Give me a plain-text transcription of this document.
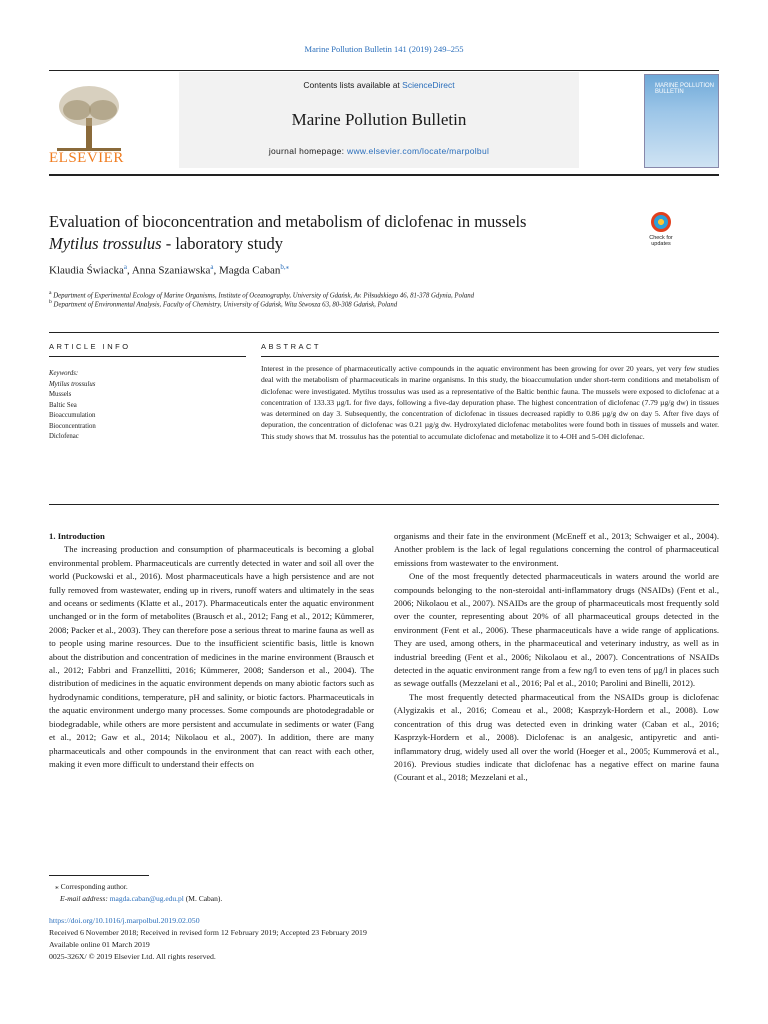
Marine Pollution Bulletin 141 (2019) 249–255
ELSEVIER
Contents lists available at ScienceDirect
Marine Pollution Bulletin
journal homepage: www.elsevier.com/locate/marpolbul
MARINE POLLUTION BULLETIN
Evaluation of bioconcentration and metabolism of diclofenac in mussels
Mytilus trossulus - laboratory study	Check for updates
Klaudia Świacka$^a$, Anna Szaniawska$^a$, Magda Caban$^{b,⁎}$
$^a$ Department of Experimental Ecology of Marine Organisms, Institute of Oceanography, University of Gdańsk, Av. Piłsudskiego 46, 81-378 Gdynia, Poland
$^b$ Department of Environmental Analysis, Faculty of Chemistry, University of Gdańsk, Wita Stwosza 63, 80-308 Gdańsk, Poland
ARTICLE INFO	ABSTRACT
Keywords:
Mytilus trossulus
Mussels
Baltic Sea
Bioaccumulation
Bioconcentration
Diclofenac
Interest in the presence of pharmaceutically active compounds in the aquatic environment has been growing for over 20 years, yet very few studies deal with the metabolism of pharmaceuticals in marine organisms. In this study, the bioaccumulation under short-term conditions and metabolism of diclofenac were investigated. Mytilus trossulus was used as a representative of the Baltic benthic fauna. The mussels were exposed to diclofenac at a concentration of 133.33 µg/L for five days, following a five-day depuration phase. The highest concentration of diclofenac (7.79 µg/g dw) in tissues was determined on day 3. Subsequently, the concentration of diclofenac in tissues decreased rapidly to 0.86 µg/g dw on day 5. After five days of depuration, the concentration of diclofenac was 0.21 µg/g dw. Hydroxylated diclofenac metabolites were found both in tissues of mussels and water. This study shows that M. trossulus has the potential to accumulate diclofenac and metabolize it to 4-OH and 5-OH diclofenac.

1. Introduction

The increasing production and consumption of pharmaceuticals is becoming a global environmental problem. Pharmaceuticals are currently detected in water and soil all over the world (Puckowski et al., 2016). Most pharmaceuticals have a high persistence and are not fully removed from wastewater, ending up in rivers, runoff waters and ultimately in the seas and oceans or sediments (Klatte et al., 2017). Pharmaceuticals enter the aquatic environment unchanged or in the form of metabolites (Brausch et al., 2012; Fang et al., 2012; Kümmerer, 2008; Packer et al., 2003). They can therefore pose a serious threat to marine fauna as well as to people using marine resources. Due to the insufficient scientific basis, little is known about the distribution and concentration of medicines in the marine environment (Brausch et al., 2012; Fabbri and Franzellitti, 2016; Kümmerer, 2008; Sanderson et al., 2004). The distribution of medicines in the aquatic environment depends on many abiotic factors such as hydrodynamic conditions, temperature, pH and salinity, or biotic factors. Pharmaceuticals in the aquatic environment undergo many processes. Some compounds are photodegradable or biodegradable, while others are more persistent and accumulate in sediments or water (Fang et al., 2012; Gaw et al., 2014; Nikolaou et al., 2007). In addition, there are many pharmaceuticals and other compounds in the environment that can react with each other, making it even more difficult to understand their effects on

organisms and their fate in the environment (McEneff et al., 2013; Schwaiger et al., 2004). Another problem is the lack of legal regulations concerning the control of pharmaceutical emissions from wastewater to the environment.

One of the most frequently detected pharmaceuticals in waters around the world are compounds belonging to the non-steroidal anti-inflammatory drugs (NSAIDs) (Fent et al., 2006; Nikolaou et al., 2007). NSAIDs are the group of pharmaceuticals most frequently sold over the counter, representing about 20% of all pharmaceutical groups detected in the environment (Fent et al., 2006). These pharmaceuticals have a wide range of applications. They are used, among others, in the pharmaceutical and veterinary industry, as well as in industrial breeding (Fent et al., 2006; Nikolaou et al., 2007). Concentrations of NSAIDs detected in the aquatic environment range from a few ng/l to even tens of µg/l in places such as sewage outfalls (Mezzelani et al., 2016; Pal et al., 2010; Parolini and Binelli, 2012).

The most frequently detected pharmaceutical from the NSAIDs group is diclofenac (Alygizakis et al., 2016; Comeau et al., 2008; Kasprzyk-Hordern et al., 2008). Low concentration of this drug was detected even in drinking water (Caban et al., 2016; Kasprzyk-Hordern et al., 2008). Diclofenac is an analgesic, antipyretic and anti-inflammatory drug, widely used all over the world (Hoeger et al., 2005; Kummerová et al., 2016). Previous studies indicate that diclofenac has a negative effect on marine fauna (Courant et al., 2018; Mezzelani et al.,

⁎ Corresponding author.
E-mail address: magda.caban@ug.edu.pl (M. Caban).
https://doi.org/10.1016/j.marpolbul.2019.02.050
Received 6 November 2018; Received in revised form 12 February 2019; Accepted 23 February 2019
Available online 01 March 2019
0025-326X/ © 2019 Elsevier Ltd. All rights reserved.
